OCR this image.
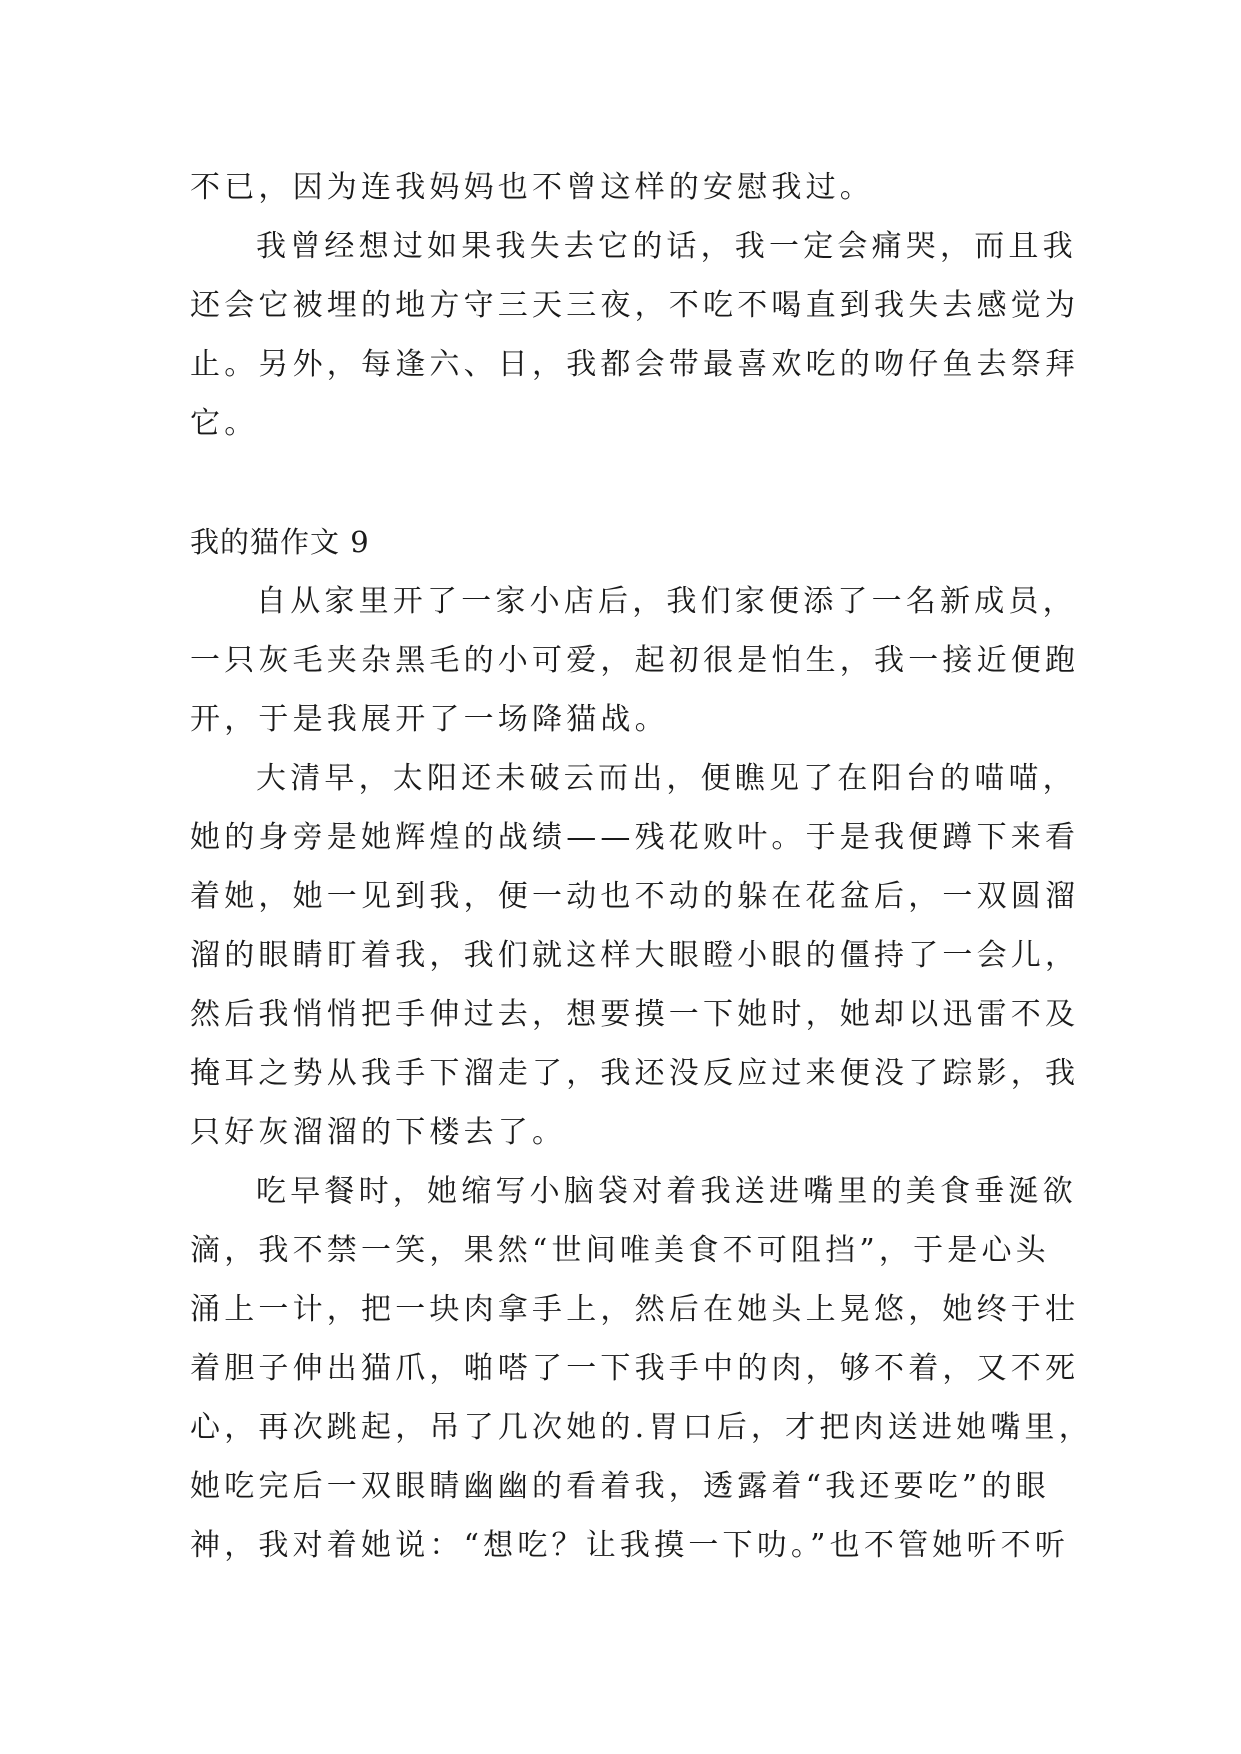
不已，因为连我妈妈也不曾这样的安慰我过。
我曾经想过如果我失去它的话，我一定会痛哭，而且我
还会它被埋的地方守三天三夜，不吃不喝直到我失去感觉为
止。另外，每逢六、日，我都会带最喜欢吃的吻仔鱼去祭拜
它。
我的猫作文 9
自从家里开了一家小店后，我们家便添了一名新成员，
一只灰毛夹杂黑毛的小可爱，起初很是怕生，我一接近便跑
开，于是我展开了一场降猫战。
大清早，太阳还未破云而出，便瞧见了在阳台的喵喵，
她的身旁是她辉煌的战绩——残花败叶。于是我便蹲下来看
着她，她一见到我，便一动也不动的躲在花盆后，一双圆溜
溜的眼睛盯着我，我们就这样大眼瞪小眼的僵持了一会儿，
然后我悄悄把手伸过去，想要摸一下她时，她却以迅雷不及
掩耳之势从我手下溜走了，我还没反应过来便没了踪影，我
只好灰溜溜的下楼去了。
吃早餐时，她缩写小脑袋对着我送进嘴里的美食垂涎欲
滴，我不禁一笑，果然“世间唯美食不可阻挡”，于是心头
涌上一计，把一块肉拿手上，然后在她头上晃悠，她终于壮
着胆子伸出猫爪，啪嗒了一下我手中的肉，够不着，又不死
心，再次跳起，吊了几次她的.胃口后，才把肉送进她嘴里，
她吃完后一双眼睛幽幽的看着我，透露着“我还要吃”的眼
神，我对着她说：“想吃？让我摸一下叻。”也不管她听不听
